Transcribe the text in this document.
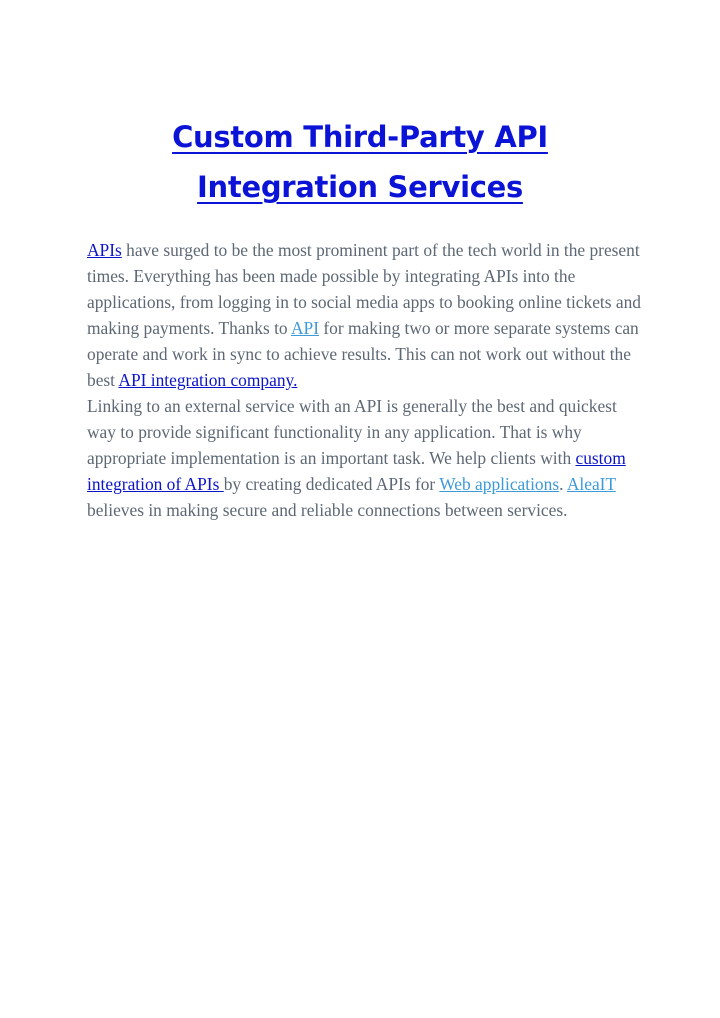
Custom Third-Party API
Integration Services

APIs have surged to be the most prominent part of the tech world in the present times. Everything has been made possible by integrating APIs into the applications, from logging in to social media apps to booking online tickets and making payments. Thanks to API for making two or more separate systems can operate and work in sync to achieve results. This can not work out without the best API integration company.

Linking to an external service with an API is generally the best and quickest way to provide significant functionality in any application. That is why appropriate implementation is an important task. We help clients with custom integration of APIs by creating dedicated APIs for Web applications. AleaIT believes in making secure and reliable connections between services.
